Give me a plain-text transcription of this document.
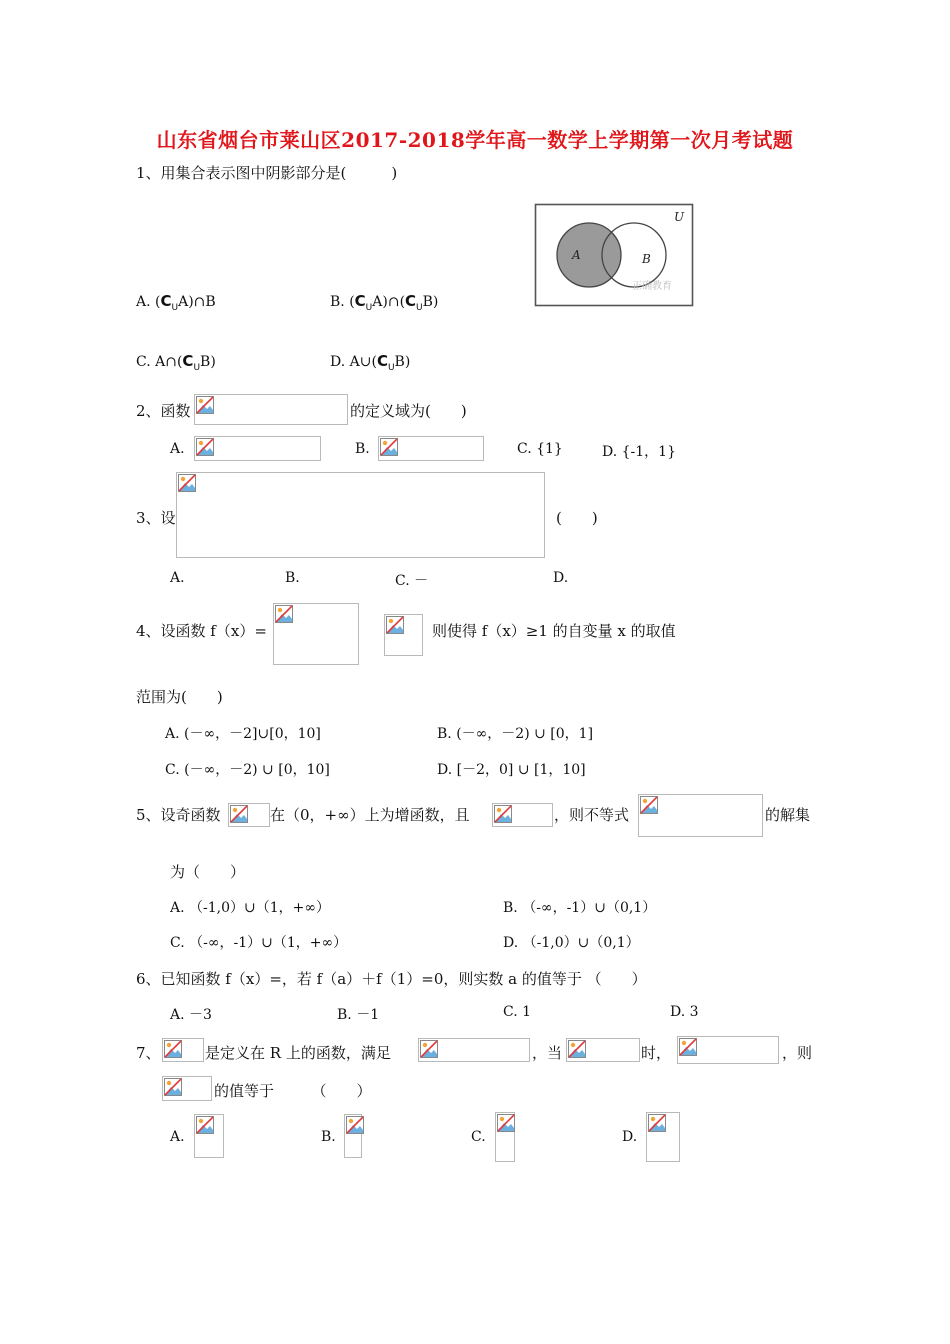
山东省烟台市莱山区2017-2018学年高一数学上学期第一次月考试题
1、用集合表示图中阴影部分是(　　　)
U
A	B
正确教育
A. $(C_UA)\cap B$	B. $(C_UA)\cap(C_UB)$
C. $A\cap(C_UB)$	D. $A\cup(C_UB)$
2、函数	的定义域为(　　)
A.	B.	C. {1}	D. {-1，1}
3、设	(　　)
A.	B.	C. －	D.
4、设函数 f（x）=	则使得 f（x）≥1 的自变量 x 的取值
范围为(　　)
A. (－∞，－2]∪[0，10]	B. (－∞，－2) ∪ [0，1]
C. (－∞，－2) ∪ [0，10]	D. [－2，0] ∪ [1，10]
5、设奇函数	在（0，+∞）上为增函数，且	，则不等式	的解集
为（　　）
A. （-1,0）∪（1，+∞）	B. （-∞，-1）∪（0,1）
C. （-∞，-1）∪（1，+∞）	D. （-1,0）∪（0,1）
6、已知函数 f（x）=，若 f（a）＋f（1）=0，则实数 a 的值等于 （　　）
A. －3	B. －1	C. 1	D. 3
7、	是定义在 R 上的函数，满足	，当	时，	，则
的值等于　　　（　　）
A.	B.	C.	D.
